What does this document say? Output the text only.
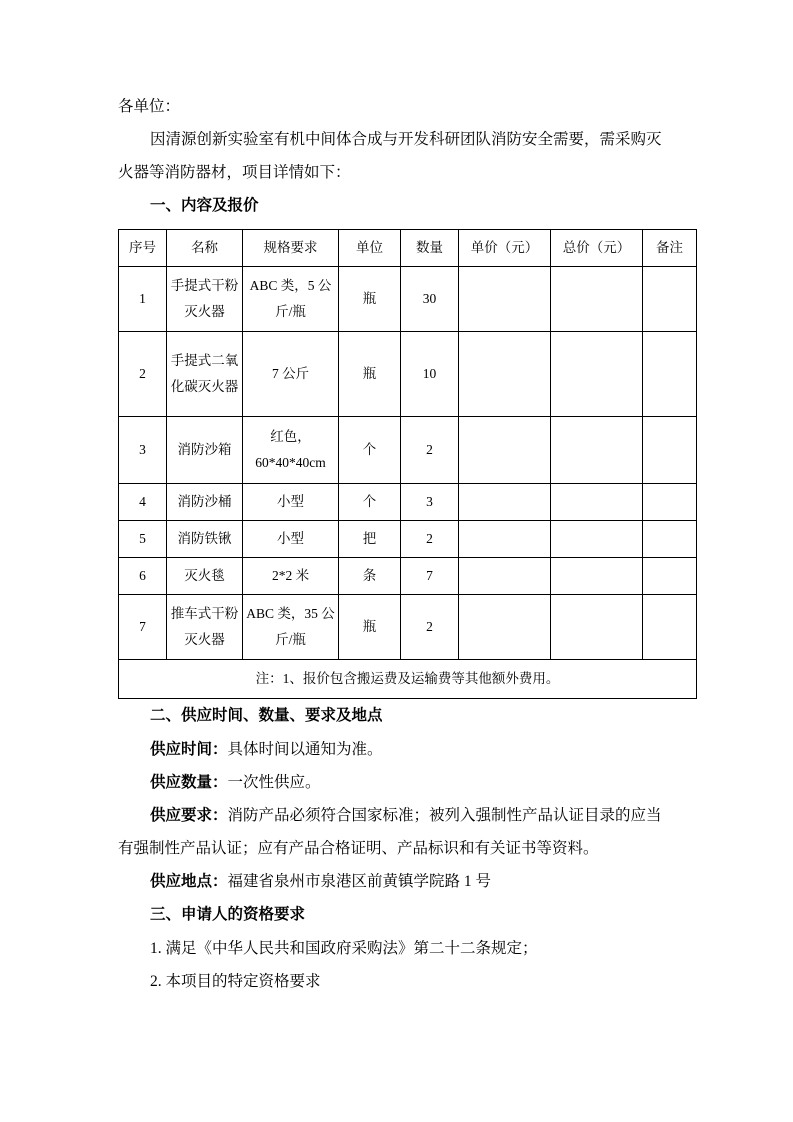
各单位：

因清源创新实验室有机中间体合成与开发科研团队消防安全需要，需采购灭火器等消防器材，项目详情如下：

一、内容及报价

序号	名称	规格要求	单位	数量	单价（元）	总价（元）	备注
1	手提式干粉灭火器	ABC 类，5 公斤/瓶	瓶	30			
2	手提式二氧化碳灭火器	7 公斤	瓶	10			
3	消防沙箱	红色，60*40*40cm	个	2			
4	消防沙桶	小型	个	3			
5	消防铁锹	小型	把	2			
6	灭火毯	2*2 米	条	7			
7	推车式干粉灭火器	ABC 类，35 公斤/瓶	瓶	2			
注：1、报价包含搬运费及运输费等其他额外费用。							

二、供应时间、数量、要求及地点

供应时间：具体时间以通知为准。

供应数量：一次性供应。

供应要求：消防产品必须符合国家标准；被列入强制性产品认证目录的应当

有强制性产品认证；应有产品合格证明、产品标识和有关证书等资料。

供应地点：福建省泉州市泉港区前黄镇学院路 1 号

三、申请人的资格要求

1. 满足《中华人民共和国政府采购法》第二十二条规定；

2. 本项目的特定资格要求
